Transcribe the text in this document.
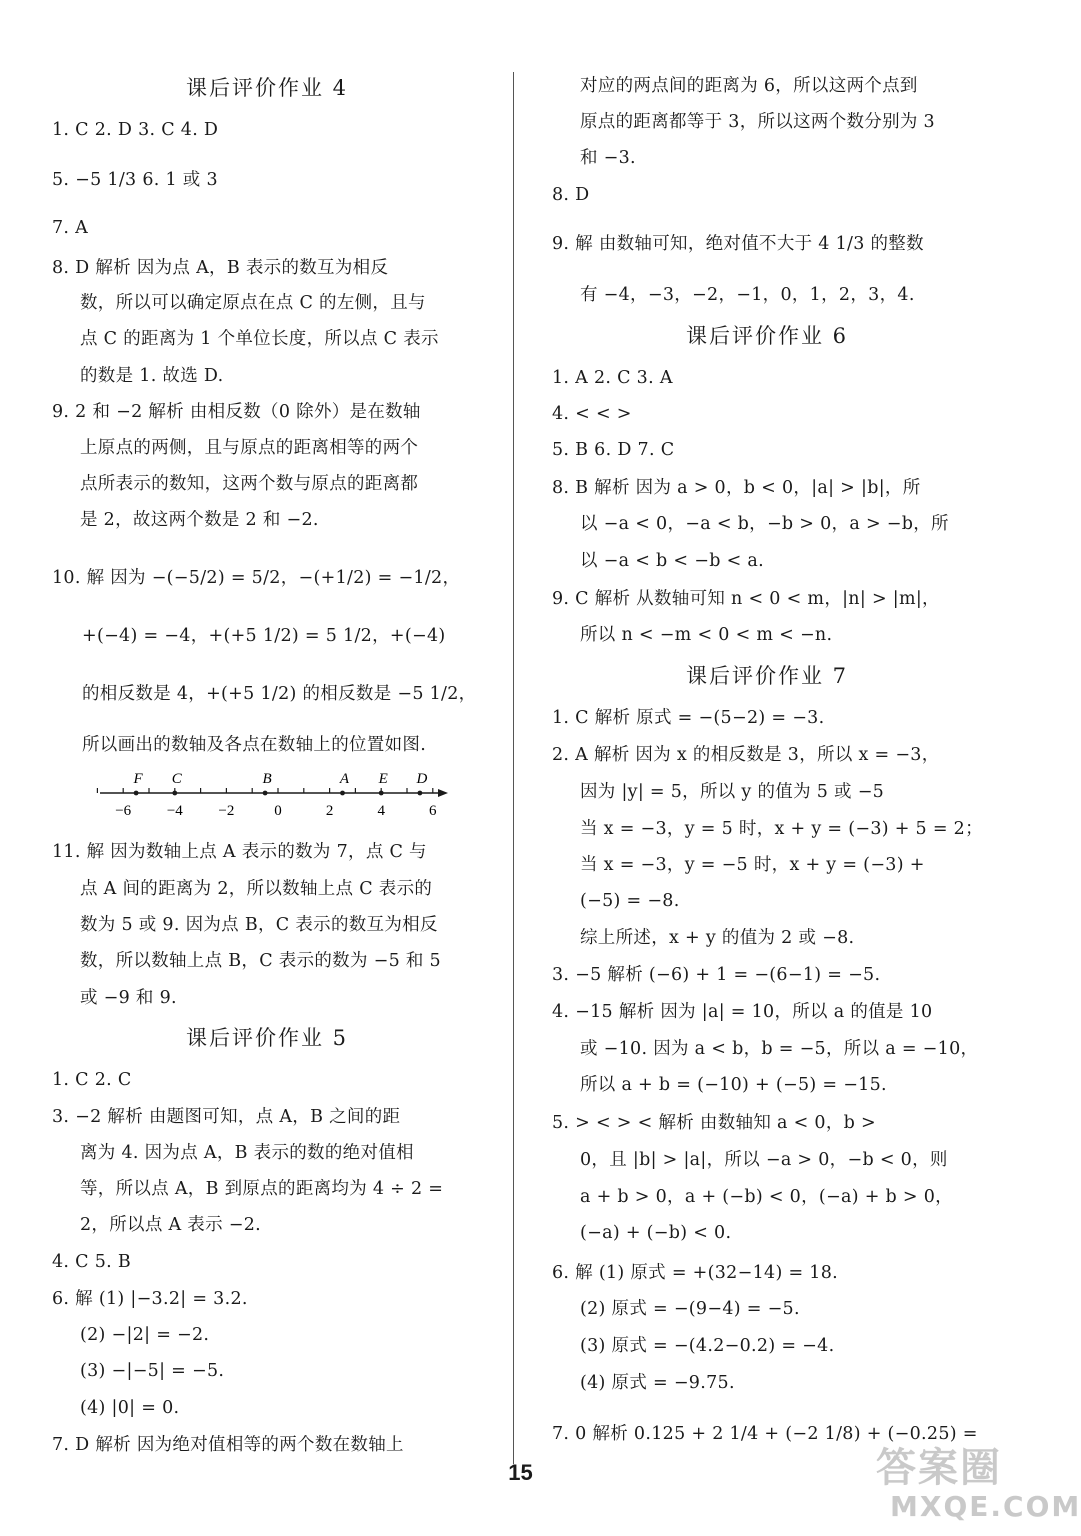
课后评价作业 4
1. C 2. D 3. C 4. D
5. −5 1/3 6. 1 或 3
7. A
8. D 解析 因为点 A，B 表示的数互为相反
数，所以可以确定原点在点 C 的左侧，且与
点 C 的距离为 1 个单位长度，所以点 C 表示
的数是 1. 故选 D.
9. 2 和 −2 解析 由相反数（0 除外）是在数轴
上原点的两侧，且与原点的距离相等的两个
点所表示的数知，这两个数与原点的距离都
是 2，故这两个数是 2 和 −2.
10. 解 因为 −(−5/2) = 5/2，−(+1/2) = −1/2，
+(−4) = −4，+(+5 1/2) = 5 1/2，+(−4)
的相反数是 4，+(+5 1/2) 的相反数是 −5 1/2，
所以画出的数轴及各点在数轴上的位置如图.
11. 解 因为数轴上点 A 表示的数为 7，点 C 与
点 A 间的距离为 2，所以数轴上点 C 表示的
数为 5 或 9. 因为点 B，C 表示的数互为相反
数，所以数轴上点 B，C 表示的数为 −5 和 5
或 −9 和 9.
课后评价作业 5
1. C 2. C
3. −2 解析 由题图可知，点 A，B 之间的距
离为 4. 因为点 A，B 表示的数的绝对值相
等，所以点 A，B 到原点的距离均为 4 ÷ 2 =
2，所以点 A 表示 −2.
4. C 5. B
6. 解 (1) |−3.2| = 3.2.
(2) −|2| = −2.
(3) −|−5| = −5.
(4) |0| = 0.
7. D 解析 因为绝对值相等的两个数在数轴上
−6 −4 −2	0	2	4	6
F C	B	A E D
对应的两点间的距离为 6，所以这两个点到
原点的距离都等于 3，所以这两个数分别为 3
和 −3.
8. D
9. 解 由数轴可知，绝对值不大于 4 1/3 的整数
有 −4，−3，−2，−1，0，1，2，3，4.
课后评价作业 6
1. A 2. C 3. A
4. < < >
5. B 6. D 7. C
8. B 解析 因为 a > 0，b < 0，|a| > |b|，所
以 −a < 0，−a < b，−b > 0，a > −b，所
以 −a < b < −b < a.
9. C 解析 从数轴可知 n < 0 < m，|n| > |m|，
所以 n < −m < 0 < m < −n.
课后评价作业 7
1. C 解析 原式 = −(5−2) = −3.
2. A 解析 因为 x 的相反数是 3，所以 x = −3，
因为 |y| = 5，所以 y 的值为 5 或 −5
当 x = −3，y = 5 时，x + y = (−3) + 5 = 2；
当 x = −3，y = −5 时，x + y = (−3) +
(−5) = −8.
综上所述，x + y 的值为 2 或 −8.
3. −5 解析 (−6) + 1 = −(6−1) = −5.
4. −15 解析 因为 |a| = 10，所以 a 的值是 10
或 −10. 因为 a < b，b = −5，所以 a = −10，
所以 a + b = (−10) + (−5) = −15.
5. > < > < 解析 由数轴知 a < 0，b >
0，且 |b| > |a|，所以 −a > 0，−b < 0，则
a + b > 0，a + (−b) < 0，(−a) + b > 0，
(−a) + (−b) < 0.
6. 解 (1) 原式 = +(32−14) = 18.
(2) 原式 = −(9−4) = −5.
(3) 原式 = −(4.2−0.2) = −4.
(4) 原式 = −9.75.
7. 0 解析 0.125 + 2 1/4 + (−2 1/8) + (−0.25) =
15	答案圈
MXQE.COM
